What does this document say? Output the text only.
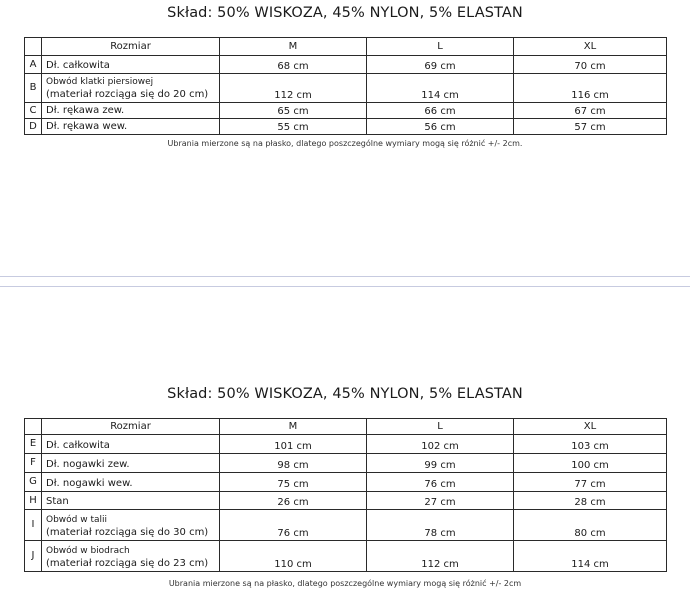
Skład: 50% WISKOZA, 45% NYLON, 5% ELASTAN
	Rozmiar	M	L	XL
A	Dł. całkowita	68 cm	69 cm	70 cm
B	Obwód klatki piersiowej
(materiał rozciąga się do 20 cm)	112 cm	114 cm	116 cm
C	Dł. rękawa zew.	65 cm	66 cm	67 cm
D	Dł. rękawa wew.	55 cm	56 cm	57 cm
Ubrania mierzone są na płasko, dlatego poszczególne wymiary mogą się różnić +/- 2cm.
Skład: 50% WISKOZA, 45% NYLON, 5% ELASTAN
	Rozmiar	M	L	XL
E	Dł. całkowita	101 cm	102 cm	103 cm
F	Dł. nogawki zew.	98 cm	99 cm	100 cm
G	Dł. nogawki wew.	75 cm	76 cm	77 cm
H	Stan	26 cm	27 cm	28 cm
I	Obwód w talii
(materiał rozciąga się do 30 cm)	76 cm	78 cm	80 cm
J	Obwód w biodrach
(materiał rozciąga się do 23 cm)	110 cm	112 cm	114 cm
Ubrania mierzone są na płasko, dlatego poszczególne wymiary mogą się różnić +/- 2cm
